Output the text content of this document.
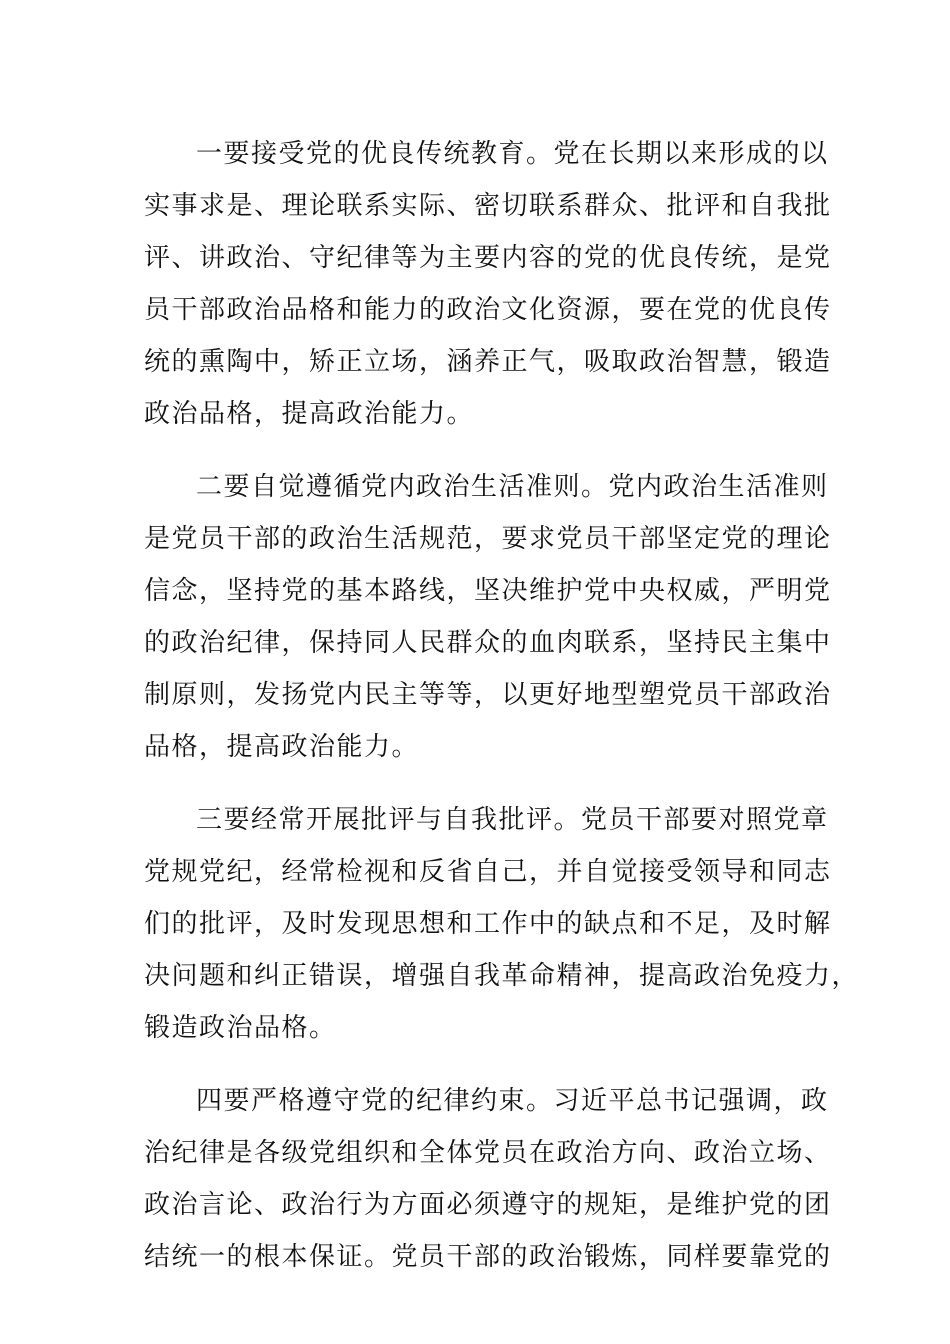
一要接受党的优良传统教育。党在长期以来形成的以
实事求是、理论联系实际、密切联系群众、批评和自我批
评、讲政治、守纪律等为主要内容的党的优良传统，是党
员干部政治品格和能力的政治文化资源，要在党的优良传
统的熏陶中，矫正立场，涵养正气，吸取政治智慧，锻造
政治品格，提高政治能力。
二要自觉遵循党内政治生活准则。党内政治生活准则
是党员干部的政治生活规范，要求党员干部坚定党的理论
信念，坚持党的基本路线，坚决维护党中央权威，严明党
的政治纪律，保持同人民群众的血肉联系，坚持民主集中
制原则，发扬党内民主等等，以更好地型塑党员干部政治
品格，提高政治能力。
三要经常开展批评与自我批评。党员干部要对照党章
党规党纪，经常检视和反省自己，并自觉接受领导和同志
们的批评，及时发现思想和工作中的缺点和不足，及时解
决问题和纠正错误，增强自我革命精神，提高政治免疫力，
锻造政治品格。
四要严格遵守党的纪律约束。习近平总书记强调，政
治纪律是各级党组织和全体党员在政治方向、政治立场、
政治言论、政治行为方面必须遵守的规矩，是维护党的团
结统一的根本保证。党员干部的政治锻炼，同样要靠党的
